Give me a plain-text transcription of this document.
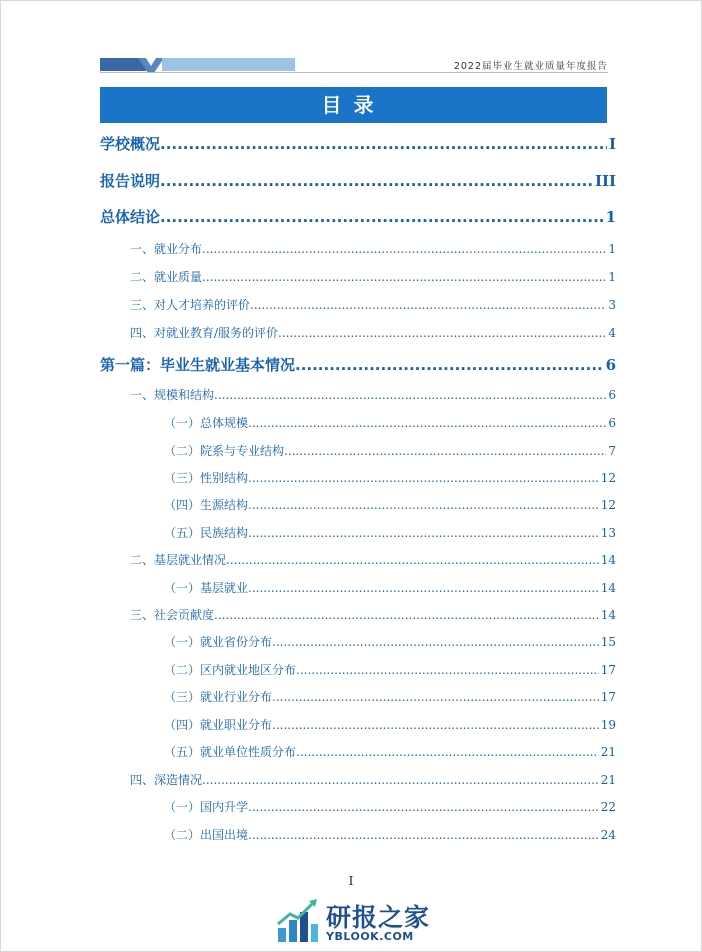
2022届毕业生就业质量年度报告
目录
学校概况 .....	I
报告说明 .....	III
总体结论 .....	1
一、就业分布 .....	1
二、就业质量 .....	1
三、对人才培养的评价 .....	3
四、对就业教育/服务的评价 .....	4
第一篇：毕业生就业基本情况 .....	6
一、规模和结构 .....	6
（一）总体规模 .....	6
（二）院系与专业结构 .....	7
（三）性别结构 .....	12
（四）生源结构 .....	12
（五）民族结构 .....	13
二、基层就业情况 .....	14
（一）基层就业 .....	14
三、社会贡献度 .....	14
（一）就业省份分布 .....	15
（二）区内就业地区分布 .....	17
（三）就业行业分布 .....	17
（四）就业职业分布 .....	19
（五）就业单位性质分布 .....	21
四、深造情况 .....	21
（一）国内升学 .....	22
（二）出国出境 .....	24
I
研报之家
YBLOOK.COM
